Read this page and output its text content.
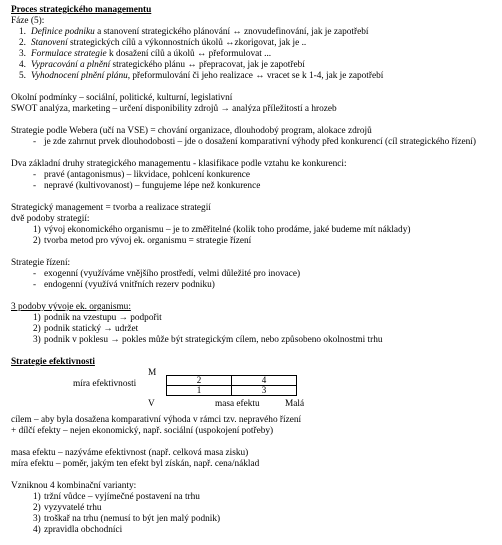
Proces strategického managementu
Fáze (5):
1. Definice podniku a stanovení strategického plánování ↔ znovudefinování, jak je zapotřebí
2. Stanovení strategických cílů a výkonnostních úkolů ↔zkorigovat, jak je ..
3. Formulace strategie k dosažení cílů a úkolů ↔ přeformulovat ...
4. Vypracování a plnění strategického plánu ↔ přepracovat, jak je zapotřebí
5. Vyhodnocení plnění plánu, přeformulování či jeho realizace ↔ vracet se k 1-4, jak je zapotřebí
Okolní podmínky – sociální, politické, kulturní, legislativní
SWOT analýza, marketing – určení disponibility zdrojů → analýza příležitostí a hrozeb
Strategie podle Webera (učí na VSE) = chování organizace, dlouhodobý program, alokace zdrojů
- je zde zahrnut prvek dlouhodobosti – jde o dosažení komparativní výhody před konkurencí (cíl strategického řízení)
Dva základní druhy strategického managementu - klasifikace podle vztahu ke konkurenci:
- pravé (antagonismus) – likvidace, pohlcení konkurence
- nepravé (kultivovanost) – fungujeme lépe než konkurence
Strategický management = tvorba a realizace strategií
dvě podoby strategií:
1) vývoj ekonomického organismu – je to změřitelné (kolik toho prodáme, jaké budeme mít náklady)
2) tvorba metod pro vývoj ek. organismu = strategie řízení
Strategie řízení:
- exogenní (využíváme vnějšího prostředí, velmi důležité pro inovace)
- endogenní (využívá vnitřních rezerv podniku)
3 podoby vývoje ek. organismu:
1) podnik na vzestupu → podpořit
2) podnik statický → udržet
3) podnik v poklesu → pokles může být strategickým cílem, nebo způsobeno okolnostmi trhu
Strategie efektivnosti
M
míra efektivnosti	2	4
1	3
V	masa efektu	Malá
cílem – aby byla dosažena komparativní výhoda v rámci tzv. nepravého řízení
+ dílčí efekty – nejen ekonomický, např. sociální (uspokojení potřeby)
masa efektu – nazýváme efektivnost (např. celková masa zisku)
míra efektu – poměr, jakým ten efekt byl získán, např. cena/náklad
Vzniknou 4 kombinační varianty:
1) tržní vůdce – vyjímečné postavení na trhu
2) vyzyvatelé trhu
3) troškař na trhu (nemusí to být jen malý podnik)
4) zpravidla obchodníci
